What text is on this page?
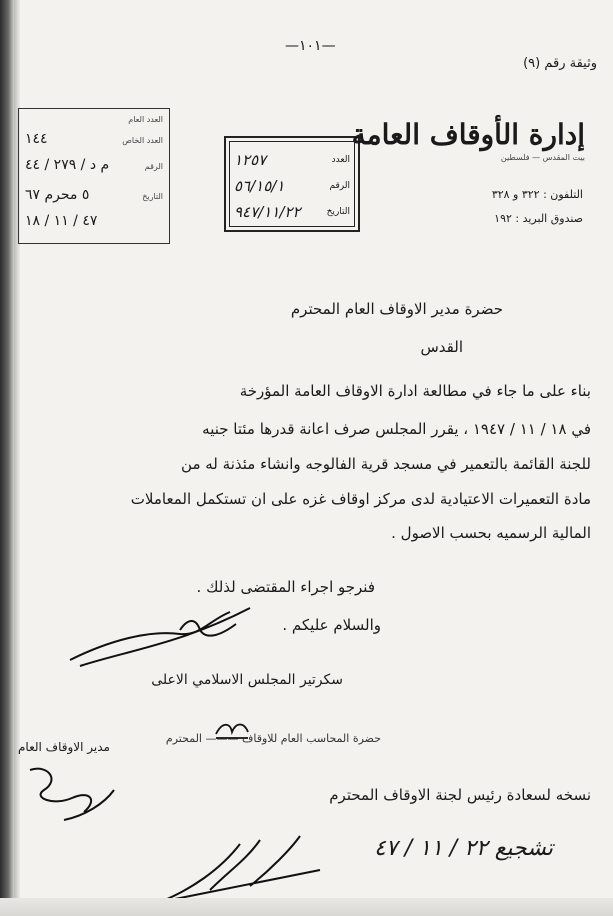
—١٠١—
وثيقة رقم (٩)
العدد العام
العدد الخاص
١٤٤
الرقم
م د / ٢٧٩ / ٤٤
التاريخ
٥ محرم ٦٧
٤٧ / ١١ / ١٨
العدد
١٢٥٧
الرقم
٥٦/١٥/١
التاريخ
٩٤٧/١١/٢٢
إدارة الأوقاف العامة
بيت المقدس — فلسطين
التلفون : ٣٢٢ و ٣٢٨
صندوق البريد : ١٩٢
حضرة مدير الاوقاف العام المحترم
القدس
بناء على ما جاء في مطالعة ادارة الاوقاف العامة المؤرخة
في ١٨ / ١١ / ١٩٤٧ ، يقرر المجلس صرف اعانة قدرها مئتا جنيه
للجنة القائمة بالتعمير في مسجد قرية الفالوجه وانشاء مئذنة له من
مادة التعميرات الاعتيادية لدى مركز اوقاف غزه على ان تستكمل المعاملات
المالية الرسميه بحسب الاصول .
فنرجو اجراء المقتضى لذلك .
والسلام عليكم .
سكرتير المجلس الاسلامي الاعلى
حضرة المحاسب العام للاوقاف ——— المحترم
مدير الاوقاف العام
نسخه لسعادة رئيس لجنة الاوقاف المحترم
تشجيع ٢٢ / ١١ / ٤٧
